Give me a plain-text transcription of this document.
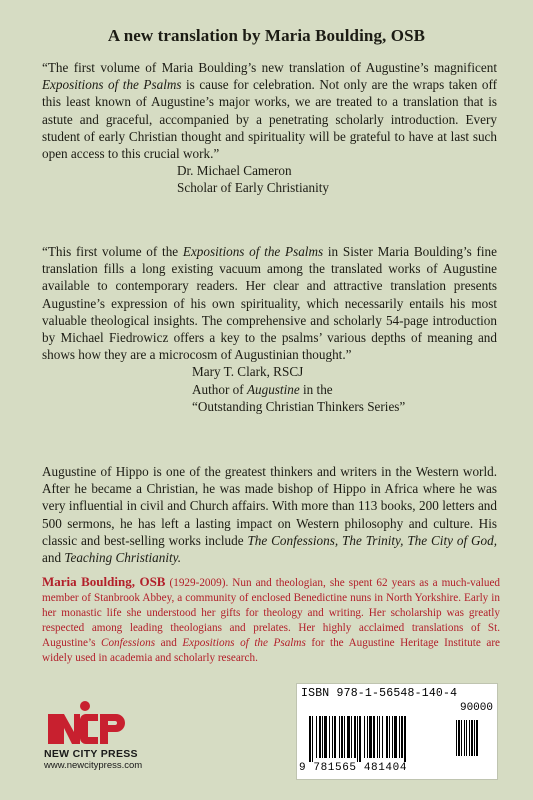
A new translation by Maria Boulding, OSB
“The first volume of Maria Boulding’s new translation of Augustine’s magnificent Expositions of the Psalms is cause for celebration. Not only are the wraps taken off this least known of Augustine’s major works, we are treated to a translation that is astute and graceful, accompanied by a penetrating scholarly introduction. Every student of early Christian thought and spirituality will be grateful to have at last such open access to this crucial work.”
Dr. Michael Cameron
Scholar of Early Christianity
“This first volume of the Expositions of the Psalms in Sister Maria Boulding’s fine translation fills a long existing vacuum among the translated works of Augustine available to contemporary readers. Her clear and attractive translation presents Augustine’s expression of his own spirituality, which necessarily entails his most valuable theological insights. The comprehensive and scholarly 54-page introduction by Michael Fiedrowicz offers a key to the psalms’ various depths of meaning and shows how they are a microcosm of Augustinian thought.”
Mary T. Clark, RSCJ
Author of Augustine in the
“Outstanding Christian Thinkers Series”
Augustine of Hippo is one of the greatest thinkers and writers in the Western world. After he became a Christian, he was made bishop of Hippo in Africa where he was very influential in civil and Church affairs. With more than 113 books, 200 letters and 500 sermons, he has left a lasting impact on Western philosophy and culture. His classic and best-selling works include The Confessions, The Trinity, The City of God, and Teaching Christianity.
Maria Boulding, OSB (1929-2009). Nun and theologian, she spent 62 years as a much-valued member of Stanbrook Abbey, a community of enclosed Benedictine nuns in North Yorkshire. Early in her monastic life she understood her gifts for theology and writing. Her scholarship was greatly respected among leading theologians and prelates. Her highly acclaimed translations of St. Augustine’s Confessions and Expositions of the Psalms for the Augustine Heritage Institute are widely used in academia and scholarly research.
NEW CITY PRESS
www.newcitypress.com
ISBN 978-1-56548-140-4
90000
9 781565 481404
